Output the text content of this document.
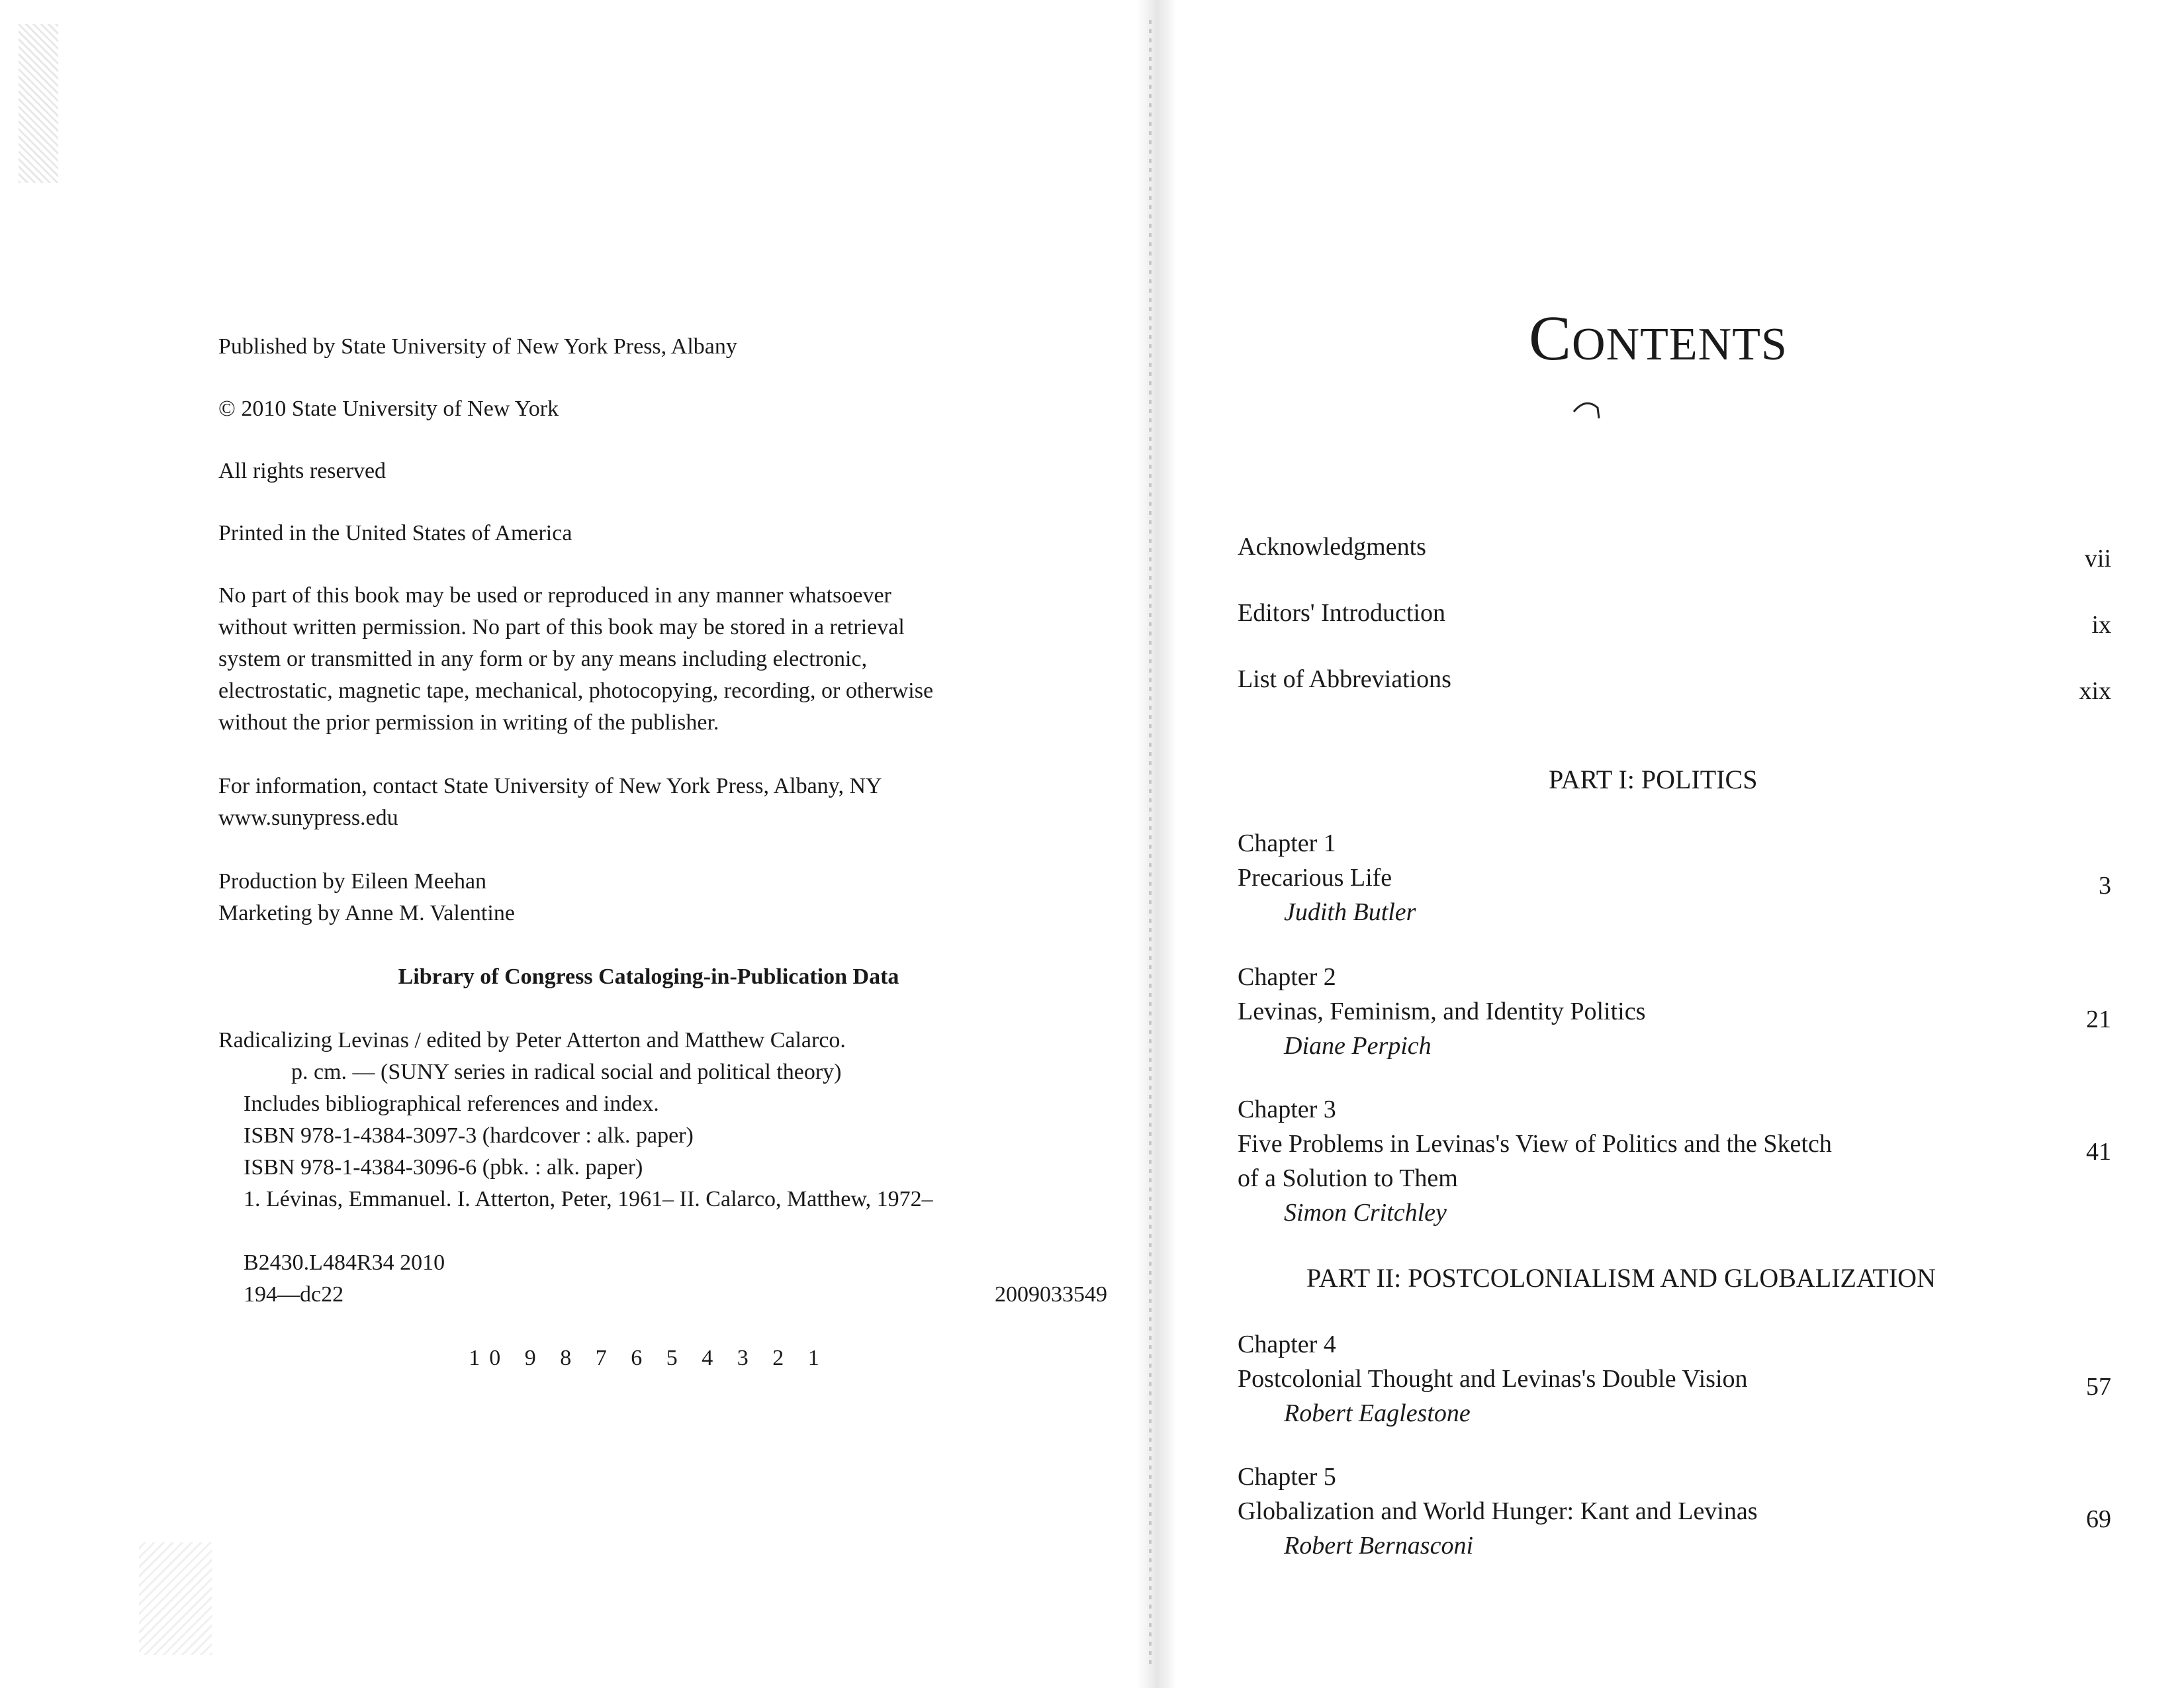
Published by State University of New York Press, Albany

© 2010 State University of New York

All rights reserved

Printed in the United States of America

No part of this book may be used or reproduced in any manner whatsoever

without written permission. No part of this book may be stored in a retrieval

system or transmitted in any form or by any means including electronic,

electrostatic, magnetic tape, mechanical, photocopying, recording, or otherwise

without the prior permission in writing of the publisher.

For information, contact State University of New York Press, Albany, NY

www.sunypress.edu

Production by Eileen Meehan

Marketing by Anne M. Valentine

Library of Congress Cataloging-in-Publication Data

Radicalizing Levinas / edited by Peter Atterton and Matthew Calarco.

p. cm. — (SUNY series in radical social and political theory)

Includes bibliographical references and index.

ISBN 978-1-4384-3097-3 (hardcover : alk. paper)

ISBN 978-1-4384-3096-6 (pbk. : alk. paper)

1. Lévinas, Emmanuel. I. Atterton, Peter, 1961– II. Calarco, Matthew, 1972–

B2430.L484R34 2010

194—dc22	2009033549

10 9 8 7 6 5 4 3 2 1

CONTENTS
Acknowledgments	vii
Editors' Introduction	ix
List of Abbreviations	xix
PART I: POLITICS
Chapter 1
Precarious Life
Judith Butler
3
Chapter 2
Levinas, Feminism, and Identity Politics
Diane Perpich
21
Chapter 3
Five Problems in Levinas's View of Politics and the Sketch
of a Solution to Them
Simon Critchley
41
PART II: POSTCOLONIALISM AND GLOBALIZATION
Chapter 4
Postcolonial Thought and Levinas's Double Vision
Robert Eaglestone
57
Chapter 5
Globalization and World Hunger: Kant and Levinas
Robert Bernasconi
69
